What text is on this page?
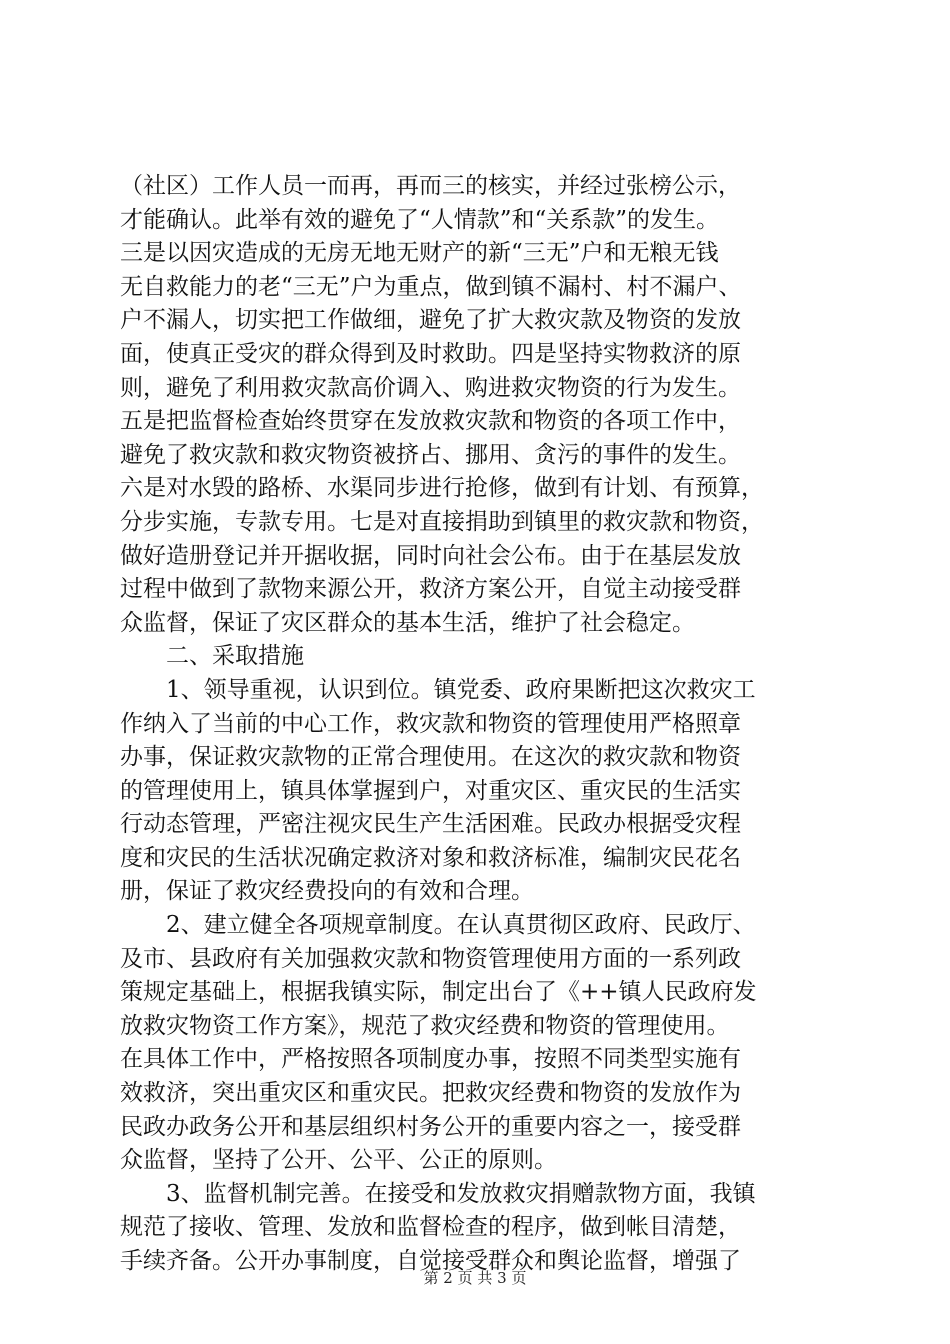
（社区）工作人员一而再，再而三的核实，并经过张榜公示，
才能确认。此举有效的避免了“人情款”和“关系款”的发生。
三是以因灾造成的无房无地无财产的新“三无”户和无粮无钱
无自救能力的老“三无”户为重点，做到镇不漏村、村不漏户、
户不漏人，切实把工作做细，避免了扩大救灾款及物资的发放
面，使真正受灾的群众得到及时救助。四是坚持实物救济的原
则，避免了利用救灾款高价调入、购进救灾物资的行为发生。
五是把监督检查始终贯穿在发放救灾款和物资的各项工作中，
避免了救灾款和救灾物资被挤占、挪用、贪污的事件的发生。
六是对水毁的路桥、水渠同步进行抢修，做到有计划、有预算，
分步实施，专款专用。七是对直接捐助到镇里的救灾款和物资，
做好造册登记并开据收据，同时向社会公布。由于在基层发放
过程中做到了款物来源公开，救济方案公开，自觉主动接受群
众监督，保证了灾区群众的基本生活，维护了社会稳定。
　　二、采取措施
　　1、领导重视，认识到位。镇党委、政府果断把这次救灾工
作纳入了当前的中心工作，救灾款和物资的管理使用严格照章
办事，保证救灾款物的正常合理使用。在这次的救灾款和物资
的管理使用上，镇具体掌握到户，对重灾区、重灾民的生活实
行动态管理，严密注视灾民生产生活困难。民政办根据受灾程
度和灾民的生活状况确定救济对象和救济标准，编制灾民花名
册，保证了救灾经费投向的有效和合理。
　　2、建立健全各项规章制度。在认真贯彻区政府、民政厅、
及市、县政府有关加强救灾款和物资管理使用方面的一系列政
策规定基础上，根据我镇实际，制定出台了《++镇人民政府发
放救灾物资工作方案》，规范了救灾经费和物资的管理使用。
在具体工作中，严格按照各项制度办事，按照不同类型实施有
效救济，突出重灾区和重灾民。把救灾经费和物资的发放作为
民政办政务公开和基层组织村务公开的重要内容之一，接受群
众监督，坚持了公开、公平、公正的原则。
　　3、监督机制完善。在接受和发放救灾捐赠款物方面，我镇
规范了接收、管理、发放和监督检查的程序，做到帐目清楚，
手续齐备。公开办事制度，自觉接受群众和舆论监督，增强了
第 2 页 共 3 页
